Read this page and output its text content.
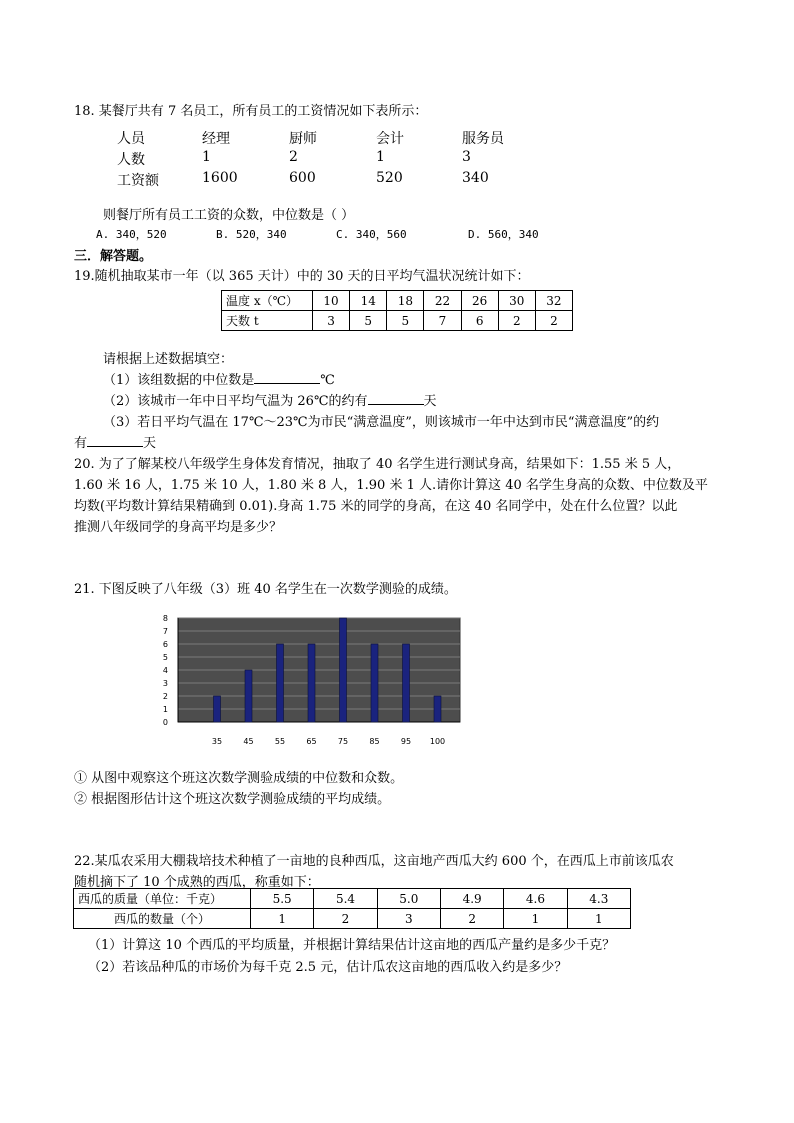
18. 某餐厅共有 7 名员工，所有员工的工资情况如下表所示：
人员	经理	厨师	会计	服务员
人数	1	2	1	3
工资额	1600	600	520	340
则餐厅所有员工工资的众数，中位数是（ ）
A. 340，520	B. 520，340	C. 340，560	D. 560，340
三．解答题。
19.随机抽取某市一年（以 365 天计）中的 30 天的日平均气温状况统计如下：
温度 x（℃）	10	14	18	22	26	30	32
天数 t	3	5	5	7	6	2	2
请根据上述数据填空：
（1）该组数据的中位数是	℃
（2）该城市一年中日平均气温为 26℃的约有	天
（3）若日平均气温在 17℃～23℃为市民“满意温度”，则该城市一年中达到市民“满意温度”的约
有	天
20. 为了了解某校八年级学生身体发育情况，抽取了 40 名学生进行测试身高，结果如下：1.55 米 5 人，
1.60 米 16 人，1.75 米 10 人，1.80 米 8 人，1.90 米 1 人.请你计算这 40 名学生身高的众数、中位数及平
均数(平均数计算结果精确到 0.01).身高 1.75 米的同学的身高，在这 40 名同学中，处在什么位置？以此
推测八年级同学的身高平均是多少？
21. 下图反映了八年级（3）班 40 名学生在一次数学测验的成绩。
0
1
2
3
4
5
6
7
8
35	45	55	65	75	85	95 100
① 从图中观察这个班这次数学测验成绩的中位数和众数。
② 根据图形估计这个班这次数学测验成绩的平均成绩。
22.某瓜农采用大棚栽培技术种植了一亩地的良种西瓜，这亩地产西瓜大约 600 个，在西瓜上市前该瓜农
随机摘下了 10 个成熟的西瓜，称重如下：
西瓜的质量（单位：千克）	5.5	5.4	5.0	4.9	4.6	4.3
西瓜的数量（个）	1	2	3	2	1	1
（1）计算这 10 个西瓜的平均质量，并根据计算结果估计这亩地的西瓜产量约是多少千克？
（2）若该品种瓜的市场价为每千克 2.5 元，估计瓜农这亩地的西瓜收入约是多少？
